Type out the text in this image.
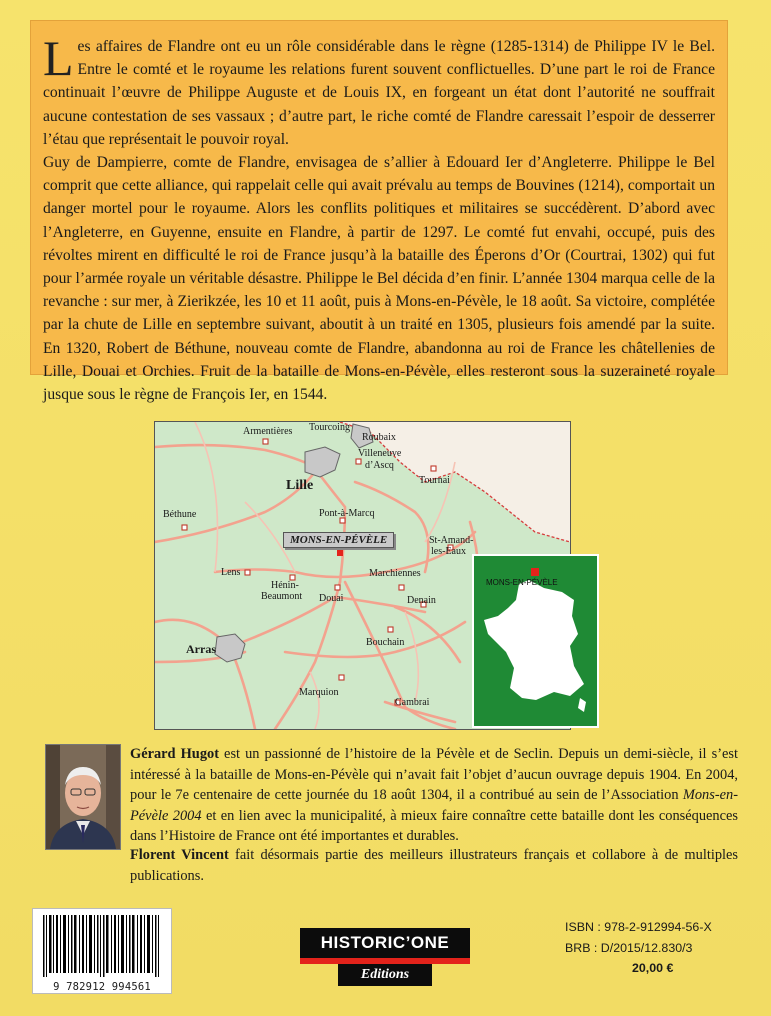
Les affaires de Flandre ont eu un rôle considérable dans le règne (1285-1314) de Philippe IV le Bel. Entre le comté et le royaume les relations furent souvent conflictuelles. D’une part le roi de France continuait l’œuvre de Philippe Auguste et de Louis IX, en forgeant un état dont l’autorité ne souffrait aucune contestation de ses vassaux ; d’autre part, le riche comté de Flandre caressait l’espoir de desserrer l’étau que représentait le pouvoir royal.

Guy de Dampierre, comte de Flandre, envisagea de s’allier à Edouard Ier d’Angleterre. Philippe le Bel comprit que cette alliance, qui rappelait celle qui avait prévalu au temps de Bouvines (1214), comportait un danger mortel pour le royaume. Alors les conflits politiques et militaires se succédèrent. D’abord avec l’Angleterre, en Guyenne, ensuite en Flandre, à partir de 1297. Le comté fut envahi, occupé, puis des révoltes mirent en difficulté le roi de France jusqu’à la bataille des Éperons d’Or (Courtrai, 1302) qui fut pour l’armée royale un véritable désastre. Philippe le Bel décida d’en finir. L’année 1304 marqua celle de la revanche : sur mer, à Zierikzée, les 10 et 11 août, puis à Mons-en-Pévèle, le 18 août. Sa victoire, complétée par la chute de Lille en septembre suivant, aboutit à un traité en 1305, plusieurs fois amendé par la suite. En 1320, Robert de Béthune, nouveau comte de Flandre, abandonna au roi de France les châtellenies de Lille, Douai et Orchies. Fruit de la bataille de Mons-en-Pévèle, elles resteront sous la suzeraineté royale jusque sous le règne de François Ier, en 1544.

Armentières Tourcoing
Roubaix
Villeneuve
d’Ascq
Lille	Tournai
Béthune	Pont-à-Marcq
MONS-EN-PÉVÈLE	St-Amand-
les-Eaux
Lens
Hénin-
Beaumont
Marchiennes
Douai	Denain
Arras	Bouchain
Marquion
Cambrai
MONS-EN-PÉVÈLE

Gérard Hugot est un passionné de l’histoire de la Pévèle et de Seclin. Depuis un demi-siècle, il s’est intéressé à la bataille de Mons-en-Pévèle qui n’avait fait l’objet d’aucun ouvrage depuis 1904. En 2004, pour le 7e centenaire de cette journée du 18 août 1304, il a contribué au sein de l’Association Mons-en-Pévèle 2004 et en lien avec la municipalité, à mieux faire connaître cette bataille dont les conséquences dans l’Histoire de France ont été importantes et durables.

Florent Vincent fait désormais partie des meilleurs illustrateurs français et collabore à de multiples publications.

9 782912 994561
HISTORIC’ONE
Editions
ISBN : 978-2-912994-56-X
BRB : D/2015/12.830/3
20,00 €
